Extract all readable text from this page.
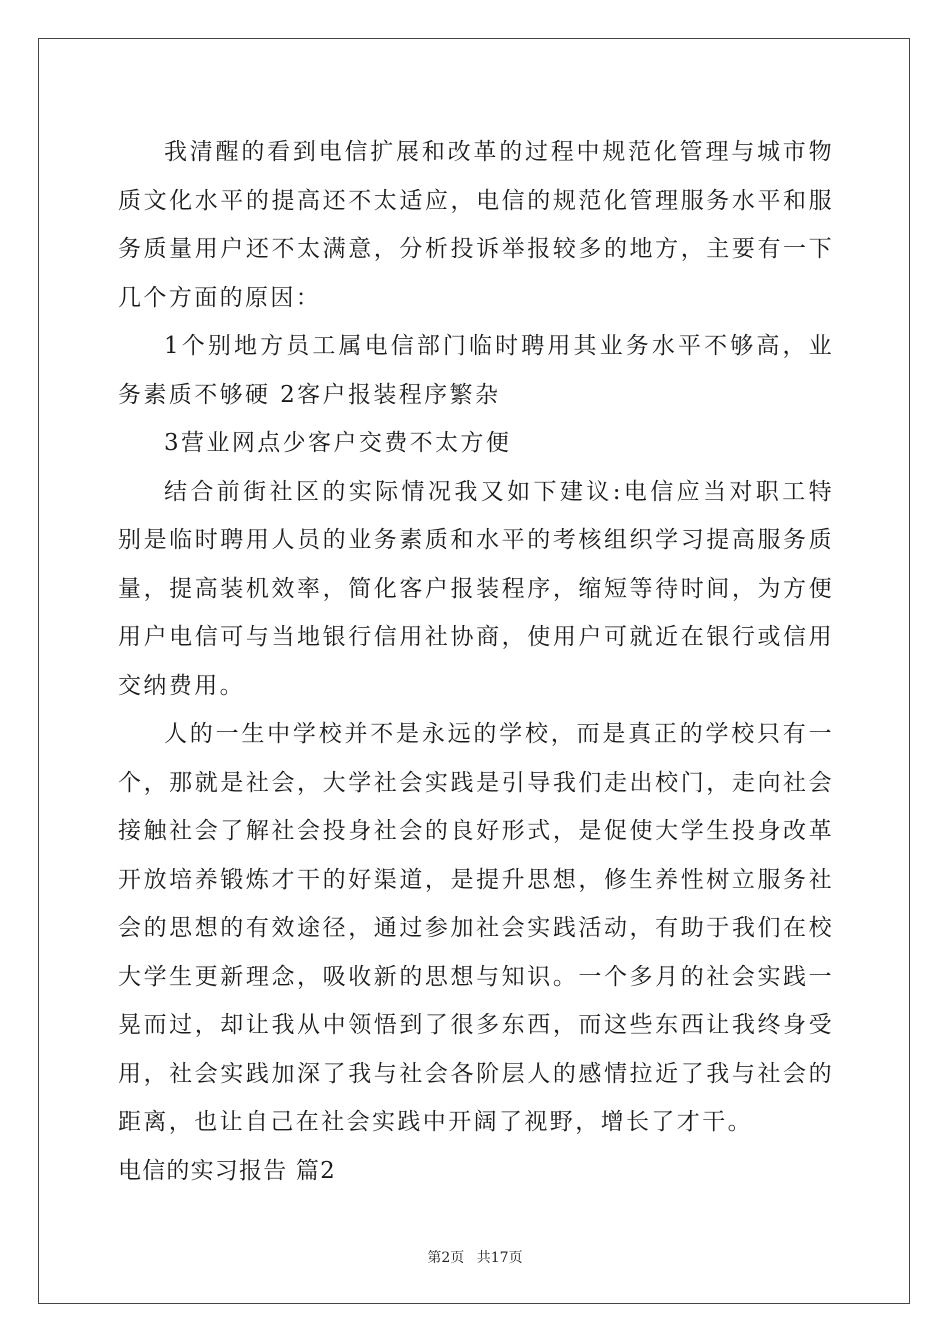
我清醒的看到电信扩展和改革的过程中规范化管理与城市物质文化水平的提高还不太适应，电信的规范化管理服务水平和服务质量用户还不太满意，分析投诉举报较多的地方，主要有一下几个方面的原因：

1个别地方员工属电信部门临时聘用其业务水平不够高，业务素质不够硬 2客户报装程序繁杂

3营业网点少客户交费不太方便

结合前街社区的实际情况我又如下建议:电信应当对职工特别是临时聘用人员的业务素质和水平的考核组织学习提高服务质量，提高装机效率，简化客户报装程序，缩短等待时间，为方便用户电信可与当地银行信用社协商，使用户可就近在银行或信用交纳费用。

人的一生中学校并不是永远的学校，而是真正的学校只有一个，那就是社会，大学社会实践是引导我们走出校门，走向社会接触社会了解社会投身社会的良好形式，是促使大学生投身改革开放培养锻炼才干的好渠道，是提升思想，修生养性树立服务社会的思想的有效途径，通过参加社会实践活动，有助于我们在校大学生更新理念，吸收新的思想与知识。一个多月的社会实践一晃而过，却让我从中领悟到了很多东西，而这些东西让我终身受用，社会实践加深了我与社会各阶层人的感情拉近了我与社会的距离，也让自己在社会实践中开阔了视野，增长了才干。

电信的实习报告 篇2

第2页 共17页
